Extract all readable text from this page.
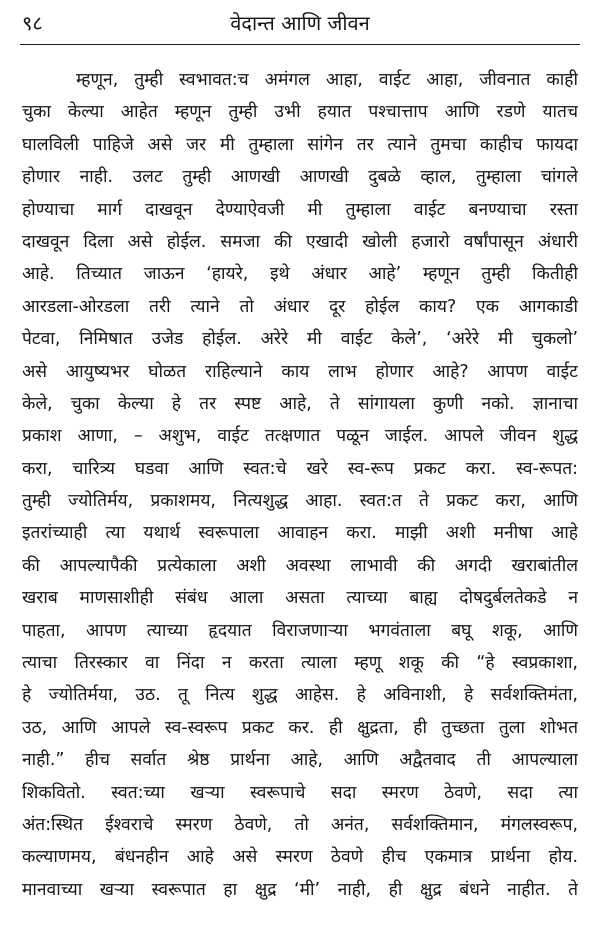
९८	वेदान्त आणि जीवन
म्हणून, तुम्ही स्वभावत:च अमंगल आहा, वाईट आहा, जीवनात काही
चुका केल्या आहेत म्हणून तुम्ही उभी हयात पश्चात्ताप आणि रडणे यातच
घालविली पाहिजे असे जर मी तुम्हाला सांगेन तर त्याने तुमचा काहीच फायदा
होणार नाही. उलट तुम्ही आणखी आणखी दुबळे व्हाल, तुम्हाला चांगले
होण्याचा मार्ग दाखवून देण्याऐवजी मी तुम्हाला वाईट बनण्याचा रस्ता
दाखवून दिला असे होईल. समजा की एखादी खोली हजारो वर्षांपासून अंधारी
आहे. तिच्यात जाऊन ‘हायरे, इथे अंधार आहे’ म्हणून तुम्ही कितीही
आरडला-ओरडला तरी त्याने तो अंधार दूर होईल काय? एक आगकाडी
पेटवा, निमिषात उजेड होईल. अरेरे मी वाईट केले’, ‘अरेरे मी चुकलो’
असे आयुष्यभर घोळत राहिल्याने काय लाभ होणार आहे? आपण वाईट
केले, चुका केल्या हे तर स्पष्ट आहे, ते सांगायला कुणी नको. ज्ञानाचा
प्रकाश आणा, – अशुभ, वाईट तत्क्षणात पळून जाईल. आपले जीवन शुद्ध
करा, चारित्र्य घडवा आणि स्वत:चे खरे स्व-रूप प्रकट करा. स्व-रूपत:
तुम्ही ज्योतिर्मय, प्रकाशमय, नित्यशुद्ध आहा. स्वत:त ते प्रकट करा, आणि
इतरांच्याही त्या यथार्थ स्वरूपाला आवाहन करा. माझी अशी मनीषा आहे
की आपल्यापैकी प्रत्येकाला अशी अवस्था लाभावी की अगदी खराबांतील
खराब माणसाशीही संबंध आला असता त्याच्या बाह्य दोषदुर्बलतेकडे न
पाहता, आपण त्याच्या हृदयात विराजणाऱ्या भगवंताला बघू शकू, आणि
त्याचा तिरस्कार वा निंदा न करता त्याला म्हणू शकू की “हे स्वप्रकाशा,
हे ज्योतिर्मया, उठ. तू नित्य शुद्ध आहेस. हे अविनाशी, हे सर्वशक्तिमंता,
उठ, आणि आपले स्व-स्वरूप प्रकट कर. ही क्षुद्रता, ही तुच्छता तुला शोभत
नाही.” हीच सर्वात श्रेष्ठ प्रार्थना आहे, आणि अद्वैतवाद ती आपल्याला
शिकवितो. स्वत:च्या खऱ्या स्वरूपाचे सदा स्मरण ठेवणे, सदा त्या
अंत:स्थित ईश्वराचे स्मरण ठेवणे, तो अनंत, सर्वशक्तिमान, मंगलस्वरूप,
कल्याणमय, बंधनहीन आहे असे स्मरण ठेवणे हीच एकमात्र प्रार्थना होय.
मानवाच्या खऱ्या स्वरूपात हा क्षुद्र ‘मी’ नाही, ही क्षुद्र बंधने नाहीत. ते
